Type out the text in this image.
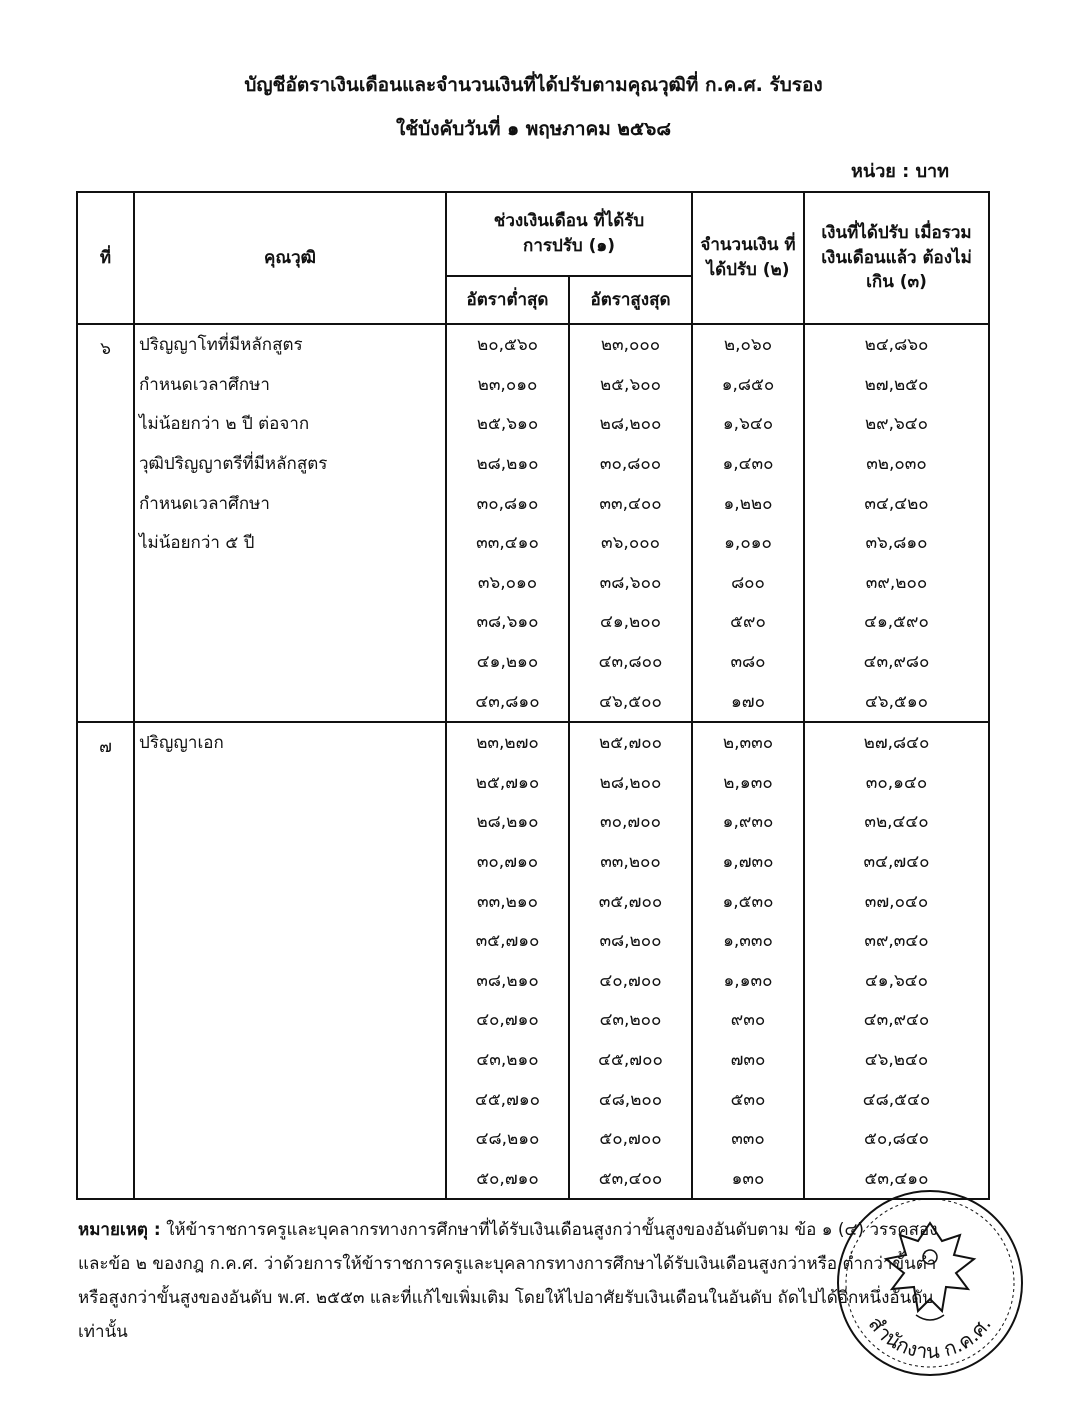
บัญชีอัตราเงินเดือนและจำนวนเงินที่ได้ปรับตามคุณวุฒิที่ ก.ค.ศ. รับรอง
ใช้บังคับวันที่ ๑ พฤษภาคม ๒๕๖๘
หน่วย : บาท
ที่	คุณวุฒิ	ช่วงเงินเดือน ที่ได้รับการปรับ (๑)		จำนวนเงิน ที่ได้ปรับ (๒)	เงินที่ได้ปรับ เมื่อรวมเงินเดือนแล้ว ต้องไม่เกิน (๓)
		อัตราต่ำสุด	อัตราสูงสุด		
๖	ปริญญาโทที่มีหลักสูตร	๒๐,๕๖๐	๒๓,๐๐๐	๒,๐๖๐	๒๔,๘๖๐
	กำหนดเวลาศึกษา	๒๓,๐๑๐	๒๕,๖๐๐	๑,๘๕๐	๒๗,๒๕๐
	ไม่น้อยกว่า ๒ ปี ต่อจาก	๒๕,๖๑๐	๒๘,๒๐๐	๑,๖๔๐	๒๙,๖๔๐
	วุฒิปริญญาตรีที่มีหลักสูตร	๒๘,๒๑๐	๓๐,๘๐๐	๑,๔๓๐	๓๒,๐๓๐
	กำหนดเวลาศึกษา	๓๐,๘๑๐	๓๓,๔๐๐	๑,๒๒๐	๓๔,๔๒๐
	ไม่น้อยกว่า ๕ ปี	๓๓,๔๑๐	๓๖,๐๐๐	๑,๐๑๐	๓๖,๘๑๐
		๓๖,๐๑๐	๓๘,๖๐๐	๘๐๐	๓๙,๒๐๐
		๓๘,๖๑๐	๔๑,๒๐๐	๕๙๐	๔๑,๕๙๐
		๔๑,๒๑๐	๔๓,๘๐๐	๓๘๐	๔๓,๙๘๐
		๔๓,๘๑๐	๔๖,๕๐๐	๑๗๐	๔๖,๕๑๐
๗	ปริญญาเอก	๒๓,๒๗๐	๒๕,๗๐๐	๒,๓๓๐	๒๗,๘๔๐
		๒๕,๗๑๐	๒๘,๒๐๐	๒,๑๓๐	๓๐,๑๔๐
		๒๘,๒๑๐	๓๐,๗๐๐	๑,๙๓๐	๓๒,๔๔๐
		๓๐,๗๑๐	๓๓,๒๐๐	๑,๗๓๐	๓๔,๗๔๐
		๓๓,๒๑๐	๓๕,๗๐๐	๑,๕๓๐	๓๗,๐๔๐
		๓๕,๗๑๐	๓๘,๒๐๐	๑,๓๓๐	๓๙,๓๔๐
		๓๘,๒๑๐	๔๐,๗๐๐	๑,๑๓๐	๔๑,๖๔๐
		๔๐,๗๑๐	๔๓,๒๐๐	๙๓๐	๔๓,๙๔๐
		๔๓,๒๑๐	๔๕,๗๐๐	๗๓๐	๔๖,๒๔๐
		๔๕,๗๑๐	๔๘,๒๐๐	๕๓๐	๔๘,๕๔๐
		๔๘,๒๑๐	๕๐,๗๐๐	๓๓๐	๕๐,๘๔๐
		๕๐,๗๑๐	๕๓,๔๐๐	๑๓๐	๕๓,๔๑๐
หมายเหตุ : ให้ข้าราชการครูและบุคลากรทางการศึกษาที่ได้รับเงินเดือนสูงกว่าขั้นสูงของอันดับตาม ข้อ ๑ (๔) วรรคสอง และข้อ ๒ ของกฎ ก.ค.ศ. ว่าด้วยการให้ข้าราชการครูและบุคลากรทางการศึกษาได้รับเงินเดือนสูงกว่าหรือ ต่ำกว่าขั้นต่ำ หรือสูงกว่าขั้นสูงของอันดับ พ.ศ. ๒๕๕๓ และที่แก้ไขเพิ่มเติม โดยให้ไปอาศัยรับเงินเดือนในอันดับ ถัดไปได้อีกหนึ่งอันดับเท่านั้น	สำนักงาน ก.ค.ศ.
